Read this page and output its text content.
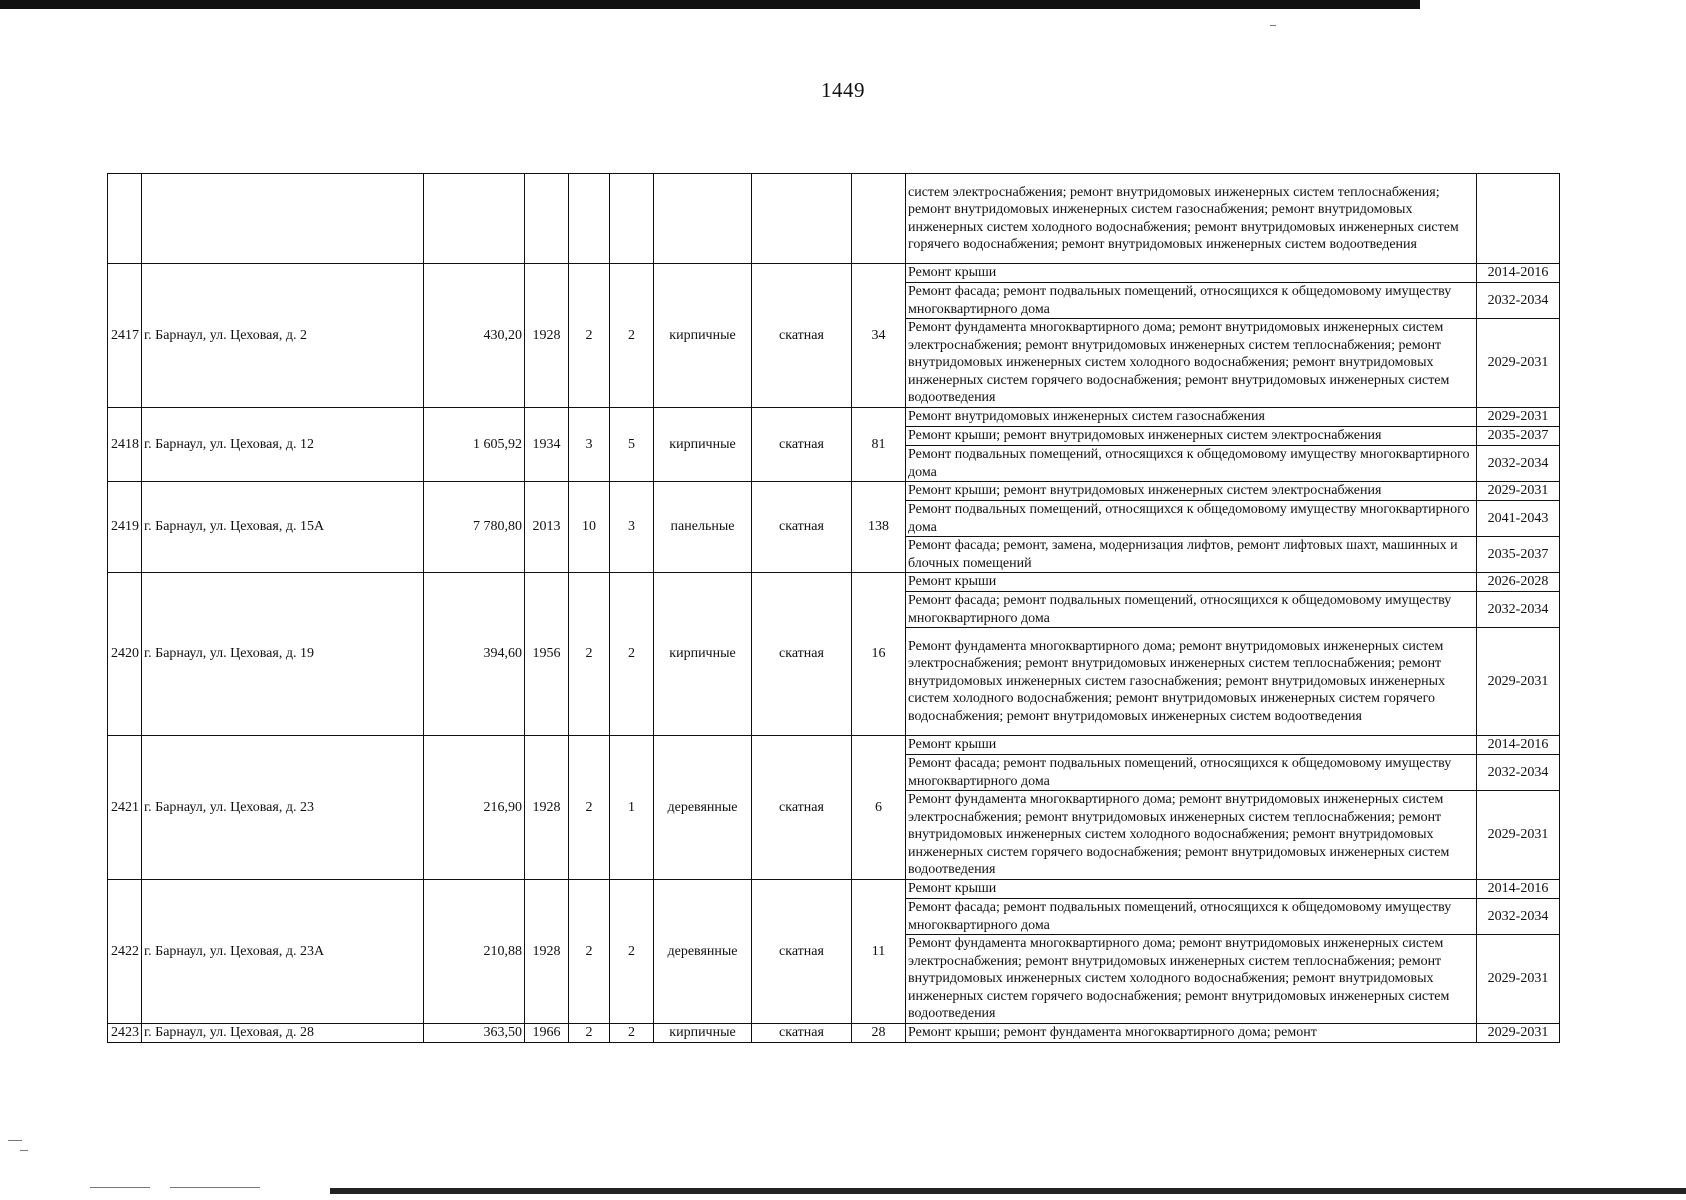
1449
									систем электроснабжения; ремонт внутридомовых инженерных систем теплоснабжения; ремонт внутридомовых инженерных систем газоснабжения; ремонт внутридомовых инженерных систем холодного водоснабжения; ремонт внутридомовых инженерных систем горячего водоснабжения; ремонт внутридомовых инженерных систем водоотведения	
2417	г. Барнаул, ул. Цеховая, д. 2	430,20	1928	2	2	кирпичные	скатная	34	Ремонт крыши	2014-2016
									Ремонт фасада; ремонт подвальных помещений, относящихся к общедомовому имуществу многоквартирного дома	2032-2034
									Ремонт фундамента многоквартирного дома; ремонт внутридомовых инженерных систем электроснабжения; ремонт внутридомовых инженерных систем теплоснабжения; ремонт внутридомовых инженерных систем холодного водоснабжения; ремонт внутридомовых инженерных систем горячего водоснабжения; ремонт внутридомовых инженерных систем водоотведения	2029-2031
2418	г. Барнаул, ул. Цеховая, д. 12	1 605,92	1934	3	5	кирпичные	скатная	81	Ремонт внутридомовых инженерных систем газоснабжения	2029-2031
									Ремонт крыши; ремонт внутридомовых инженерных систем электроснабжения	2035-2037
									Ремонт подвальных помещений, относящихся к общедомовому имуществу многоквартирного дома	2032-2034
2419	г. Барнаул, ул. Цеховая, д. 15А	7 780,80	2013	10	3	панельные	скатная	138	Ремонт крыши; ремонт внутридомовых инженерных систем электроснабжения	2029-2031
									Ремонт подвальных помещений, относящихся к общедомовому имуществу многоквартирного дома	2041-2043
									Ремонт фасада; ремонт, замена, модернизация лифтов, ремонт лифтовых шахт, машинных и блочных помещений	2035-2037
2420	г. Барнаул, ул. Цеховая, д. 19	394,60	1956	2	2	кирпичные	скатная	16	Ремонт крыши	2026-2028
									Ремонт фасада; ремонт подвальных помещений, относящихся к общедомовому имуществу многоквартирного дома	2032-2034
									Ремонт фундамента многоквартирного дома; ремонт внутридомовых инженерных систем электроснабжения; ремонт внутридомовых инженерных систем теплоснабжения; ремонт внутридомовых инженерных систем газоснабжения; ремонт внутридомовых инженерных систем холодного водоснабжения; ремонт внутридомовых инженерных систем горячего водоснабжения; ремонт внутридомовых инженерных систем водоотведения	2029-2031
2421	г. Барнаул, ул. Цеховая, д. 23	216,90	1928	2	1	деревянные	скатная	6	Ремонт крыши	2014-2016
									Ремонт фасада; ремонт подвальных помещений, относящихся к общедомовому имуществу многоквартирного дома	2032-2034
									Ремонт фундамента многоквартирного дома; ремонт внутридомовых инженерных систем электроснабжения; ремонт внутридомовых инженерных систем теплоснабжения; ремонт внутридомовых инженерных систем холодного водоснабжения; ремонт внутридомовых инженерных систем горячего водоснабжения; ремонт внутридомовых инженерных систем водоотведения	2029-2031
2422	г. Барнаул, ул. Цеховая, д. 23А	210,88	1928	2	2	деревянные	скатная	11	Ремонт крыши	2014-2016
									Ремонт фасада; ремонт подвальных помещений, относящихся к общедомовому имуществу многоквартирного дома	2032-2034
									Ремонт фундамента многоквартирного дома; ремонт внутридомовых инженерных систем электроснабжения; ремонт внутридомовых инженерных систем теплоснабжения; ремонт внутридомовых инженерных систем холодного водоснабжения; ремонт внутридомовых инженерных систем горячего водоснабжения; ремонт внутридомовых инженерных систем водоотведения	2029-2031
2423	г. Барнаул, ул. Цеховая, д. 28	363,50	1966	2	2	кирпичные	скатная	28	Ремонт крыши; ремонт фундамента многоквартирного дома; ремонт	2029-2031
